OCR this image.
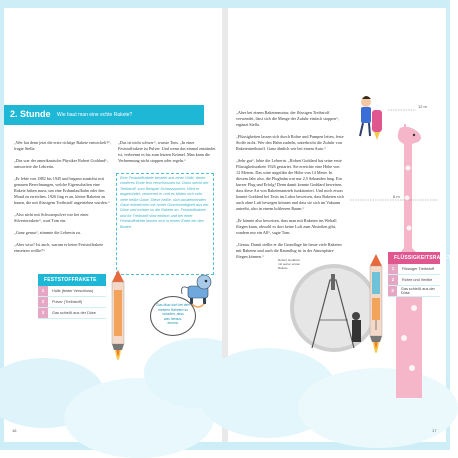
2. Stunde Wie baut man eine echte Rakete?

„Wer hat denn jetzt die erste richtige Rakete entwickelt?“, fragte Stella.

„Das war der amerikanische Physiker Robert Goddard“, antwortete die Lehrerin.

„Er lebte von 1882 bis 1945 und begann zunächst mit genauen Berechnungen, welche Eigenschaften eine Rakete haben muss, um eine Erdumlaufbahn oder den Mond zu erreichen. 1926 fing er an, kleine Raketen zu bauen, die mit flüssigem Treibstoff angetrieben wurden.“

„Also nicht mit Schwarzpulver wie bei einer Silvesterrakete“, warf Tom ein.

„Ganz genau“, stimmte die Lehrerin zu.

„Aber wiso? Ist auch, warum er keine Feststoffrakete einsetzen wollte?“

„Das ist nicht schwer“, wusste Tom. „In einer Feststoffrakete ist Pulver. Und wenn das einmal entzündet ist, verbrennt es bis zum letzten Krümel. Man kann die Verbrennung nicht stoppen oder regeln.“

Eine Feststoffrakete besteht aus einer Hülle, deren vorderes Ende fest verschlossen ist. Darin steckt der Treibstoff, zum Beispiel Schwarzpulver. Wird er angezündet, verbrennt er und es bilden sich sehr viele heiße Gase. Diese heiße, sich ausdehnenden Gase entweichen mit hoher Geschwindigkeit aus der Düse und treiben so die Rakete an. Feststoffrakete und ihr Treibstoff sind einfach und bei einer Feststoffrakete lassen sich in einem Ende ein den Boden.
FESTSTOFFRAKETE
1	Hülle (fester Verschluss)
2	Pulver (Treibstoff)
3	Gas schießt aus der Düse
Das lässt sich bei den
meisten Raketen so
schalten, dass
was heraus-
kommt.
16

„Aber bei einem Raketenmotor, der flüssigen Treibstoff verwendet, lässt sich die Menge der Zufuhr einfach stoppen“, ergänzt Stella.

„Flüssigkeiten lassen sich durch Rohre und Pumpen leiten, feste Stoffe nicht. Wer den Hahn zudreht, unterbricht die Zufuhr von Raketentreibstoff. Ganz ähnlich wie bei einem Auto.“

„Sehr gut“, lobte die Lehrerin. „Robert Goddard hat seine erste Flüssigkeitsrakete 1926 gestartet. Sie erreichte eine Höhe von 12 Metern. Das wäre ungefähr die Höhe von 14 Meter. In diesem Jahr also, die Flugbahn war nur 2,5 Sekunden lang. Ein kurzer Flug und Erfolg! Denn damit konnte Goddard beweisen, dass diese Art von Raketenantrieb funktioniert. Und noch etwas konnte Goddard bei Tests im Labor beweisen, dass Raketen sich auch ohne Luft bewegen können und dass sie sich im Vakuum antreibt, also in einem luftleeren Raum.“

„Er könnte also beweisen, dass man mit Raketen ins Weltall fliegen kann, obwohl es dort keine Luft zum Abstoßen gibt, sondern nur ein All“, sagte Tom.

„Genau. Damit stellte er die Grundlage für heute viele Raketen mit Raketen und auch die Raumflug ist in der Atmosphäre fliegen können.“

12 m
6 m
Robert Goddard
mit seiner ersten
Rakete
FLÜSSIGKEITSRAKETE
1	Flüssiger Treibstoff
2	Rohre und Ventile
3	Gas schießt aus der Düse
17
